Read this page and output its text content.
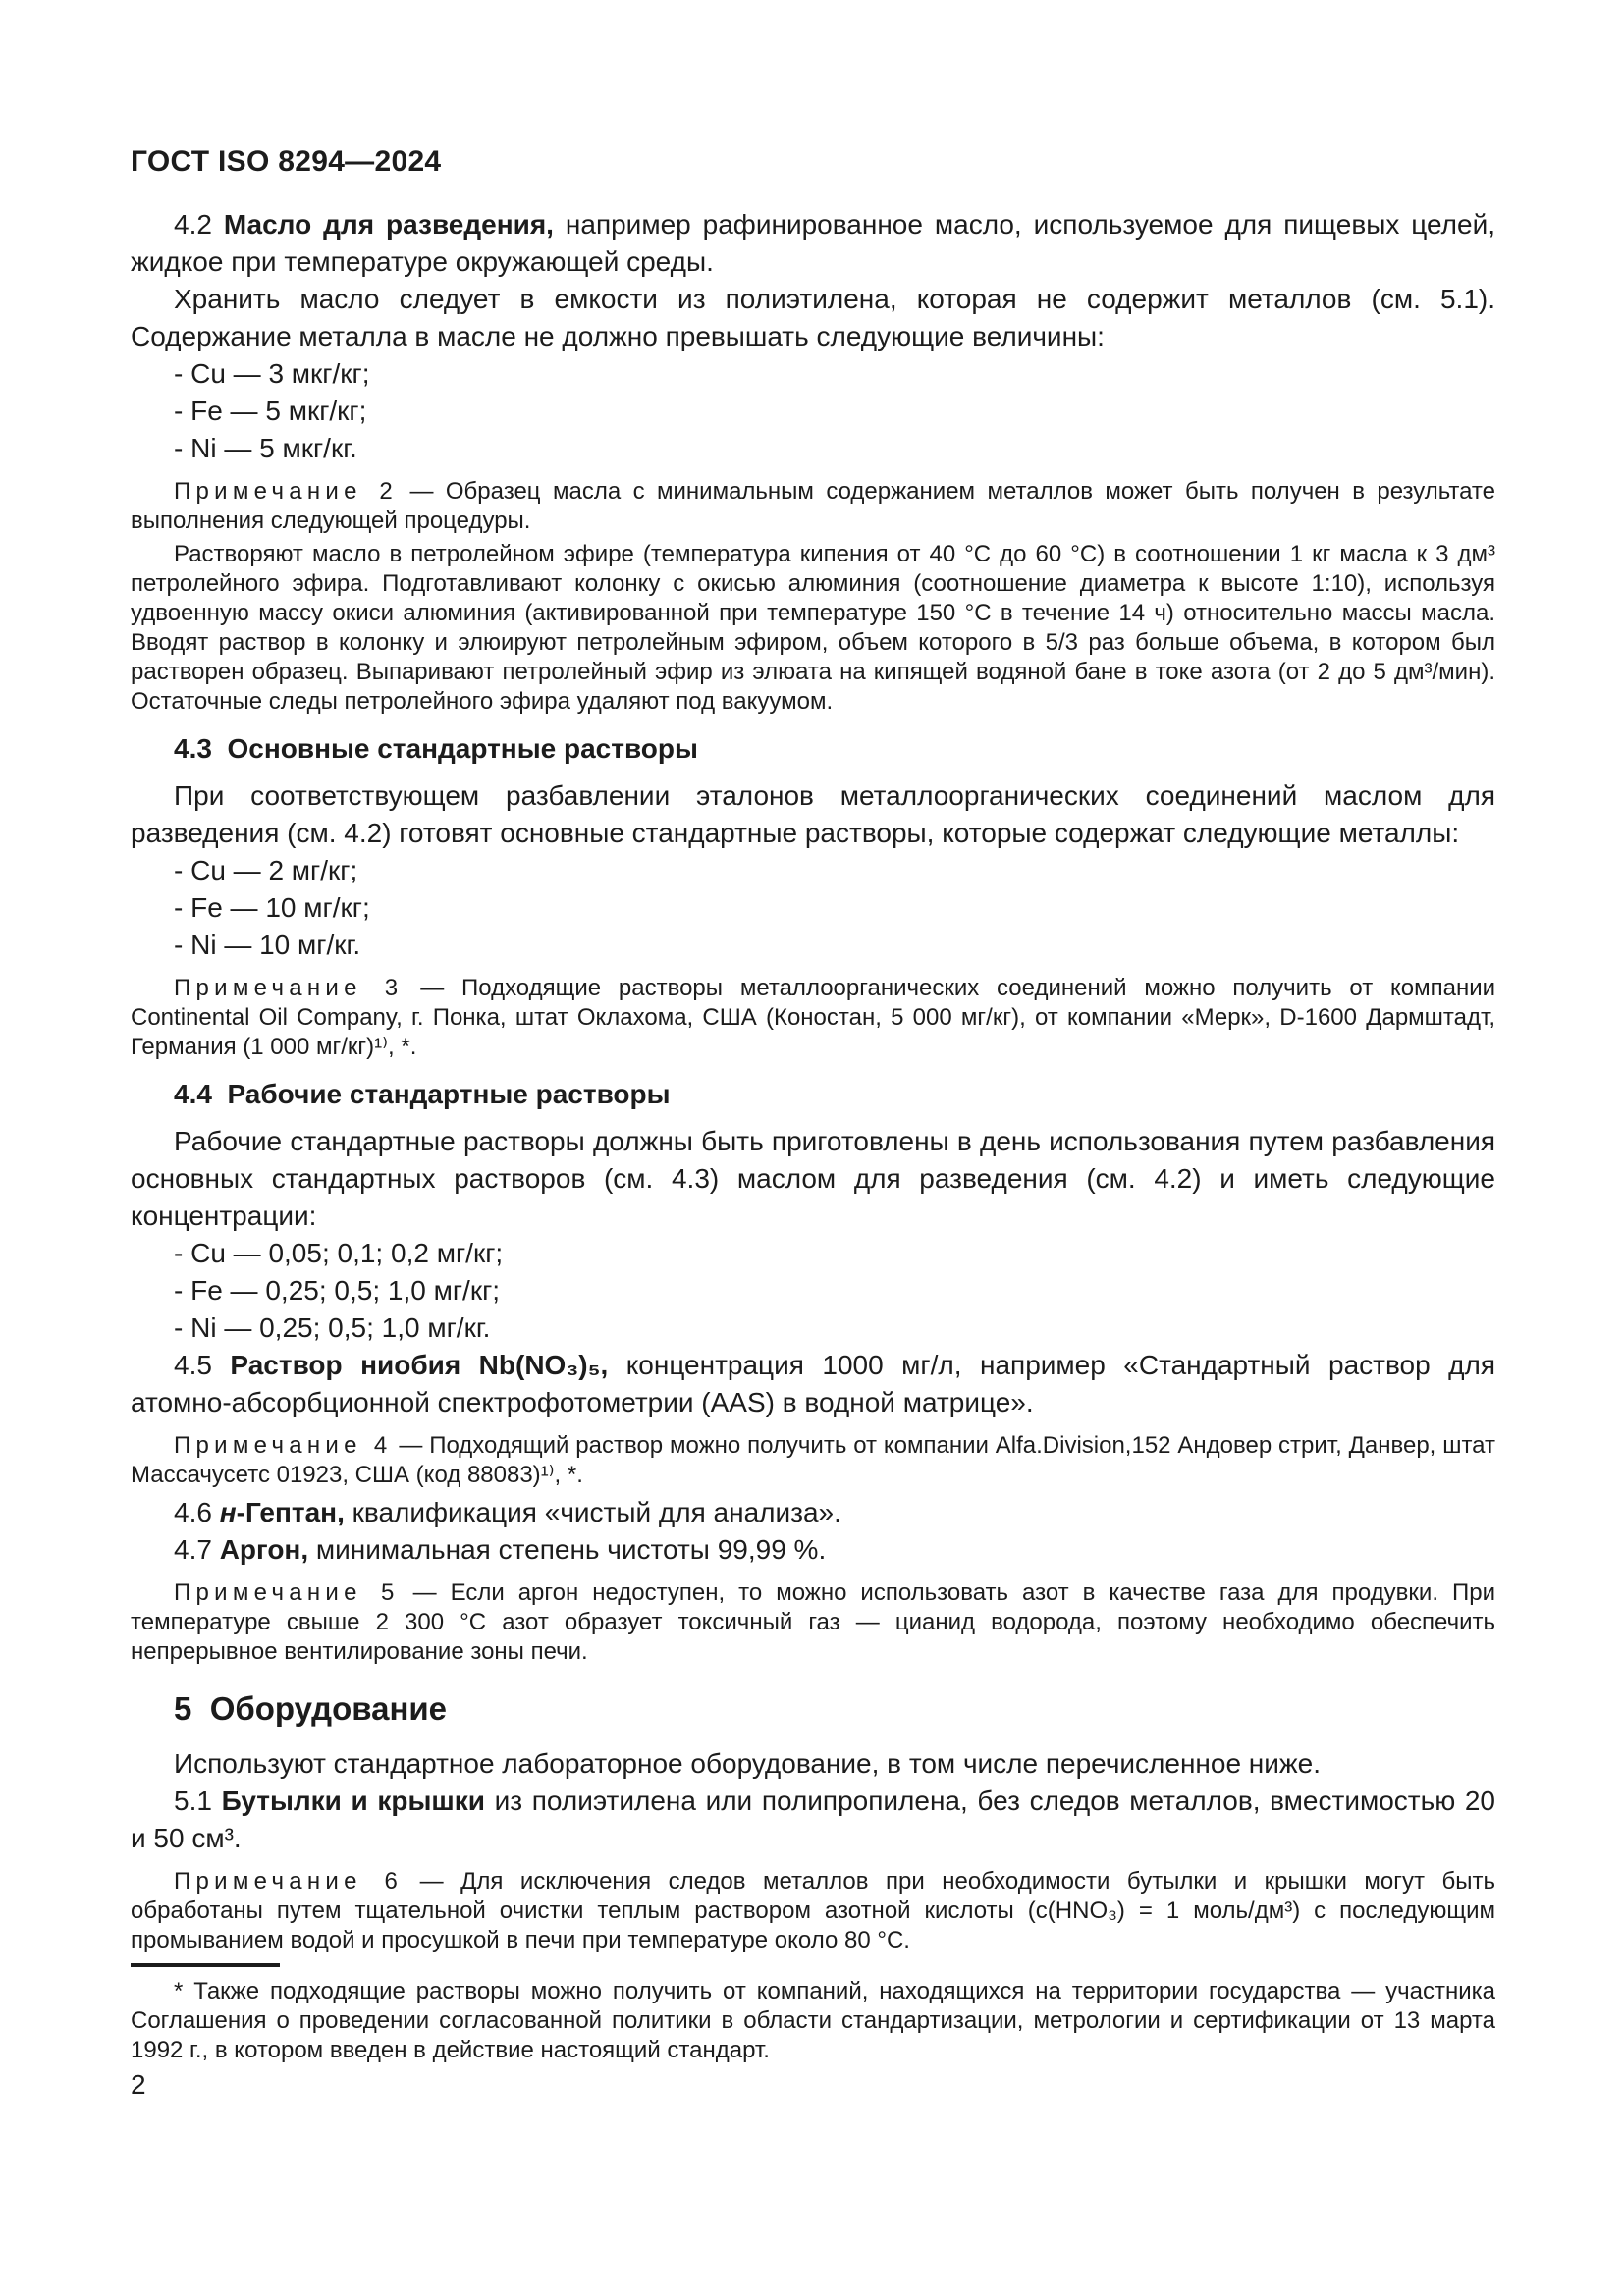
ГОСТ ISO 8294—2024

4.2 Масло для разведения, например рафинированное масло, используемое для пищевых целей, жидкое при температуре окружающей среды.

Хранить масло следует в емкости из полиэтилена, которая не содержит металлов (см. 5.1). Содержание металла в масле не должно превышать следующие величины:

- Cu — 3 мкг/кг;
- Fe — 5 мкг/кг;
- Ni — 5 мкг/кг.

Примечание 2 — Образец масла с минимальным содержанием металлов может быть получен в результате выполнения следующей процедуры.

Растворяют масло в петролейном эфире (температура кипения от 40 °С до 60 °С) в соотношении 1 кг масла к 3 дм³ петролейного эфира. Подготавливают колонку с окисью алюминия (соотношение диаметра к высоте 1:10), используя удвоенную массу окиси алюминия (активированной при температуре 150 °С в течение 14 ч) относительно массы масла. Вводят раствор в колонку и элюируют петролейным эфиром, объем которого в 5/3 раз больше объема, в котором был растворен образец. Выпаривают петролейный эфир из элюата на кипящей водяной бане в токе азота (от 2 до 5 дм³/мин). Остаточные следы петролейного эфира удаляют под вакуумом.

4.3  Основные стандартные растворы

При соответствующем разбавлении эталонов металлоорганических соединений маслом для разведения (см. 4.2) готовят основные стандартные растворы, которые содержат следующие металлы:

- Cu — 2 мг/кг;
- Fe — 10 мг/кг;
- Ni — 10 мг/кг.

Примечание 3 — Подходящие растворы металлоорганических соединений можно получить от компании Continental Oil Company, г. Понка, штат Оклахома, США (Коностан, 5 000 мг/кг), от компании «Мерк», D-1600 Дармштадт, Германия (1 000 мг/кг)¹⁾, *.

4.4  Рабочие стандартные растворы

Рабочие стандартные растворы должны быть приготовлены в день использования путем разбавления основных стандартных растворов (см. 4.3) маслом для разведения (см. 4.2) и иметь следующие концентрации:

- Cu — 0,05; 0,1; 0,2 мг/кг;
- Fe — 0,25; 0,5; 1,0 мг/кг;
- Ni — 0,25; 0,5; 1,0 мг/кг.

4.5 Раствор ниобия Nb(NO₃)₅, концентрация 1000 мг/л, например «Стандартный раствор для атомно-абсорбционной спектрофотометрии (AAS) в водной матрице».

Примечание 4 — Подходящий раствор можно получить от компании Alfa.Division,152 Андовер стрит, Данвер, штат Массачусетс 01923, США (код 88083)¹⁾, *.

4.6 н-Гептан, квалификация «чистый для анализа».

4.7 Аргон, минимальная степень чистоты 99,99 %.

Примечание 5 — Если аргон недоступен, то можно использовать азот в качестве газа для продувки. При температуре свыше 2 300 °С азот образует токсичный газ — цианид водорода, поэтому необходимо обеспечить непрерывное вентилирование зоны печи.

5  Оборудование

Используют стандартное лабораторное оборудование, в том числе перечисленное ниже.

5.1 Бутылки и крышки из полиэтилена или полипропилена, без следов металлов, вместимостью 20 и 50 см³.

Примечание 6 — Для исключения следов металлов при необходимости бутылки и крышки могут быть обработаны путем тщательной очистки теплым раствором азотной кислоты (с(HNO₃) = 1 моль/дм³) с последующим промыванием водой и просушкой в печи при температуре около 80 °С.

* Также подходящие растворы можно получить от компаний, находящихся на территории государства — участника Соглашения о проведении согласованной политики в области стандартизации, метрологии и сертификации от 13 марта 1992 г., в котором введен в действие настоящий стандарт.

2
